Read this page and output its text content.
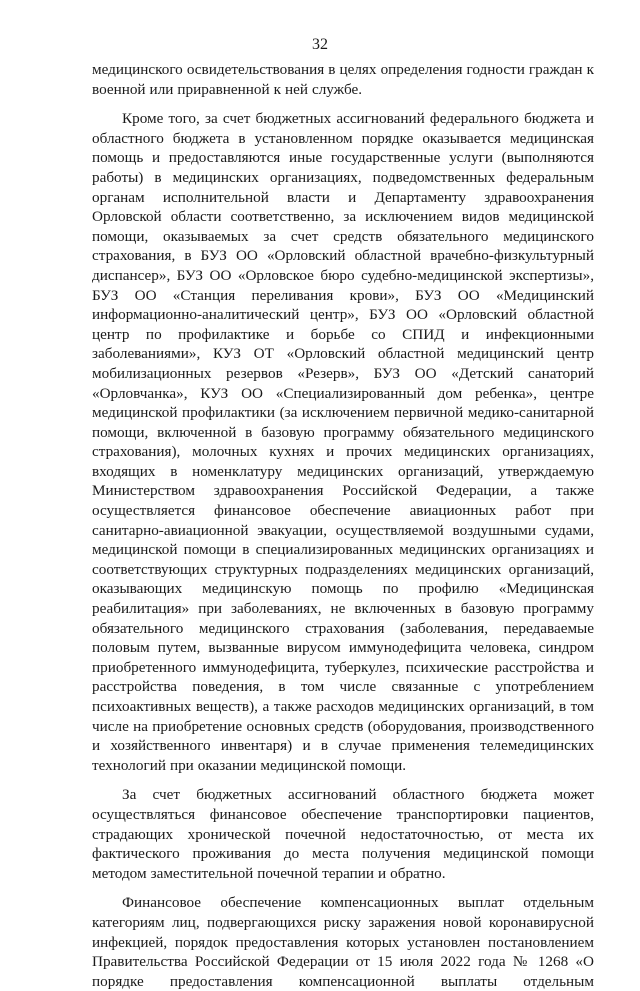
32

медицинского освидетельствования в целях определения годности граждан к военной или приравненной к ней службе.

Кроме того, за счет бюджетных ассигнований федерального бюджета и областного бюджета в установленном порядке оказывается медицинская помощь и предоставляются иные государственные услуги (выполняются работы) в медицинских организациях, подведомственных федеральным органам исполнительной власти и Департаменту здравоохранения Орловской области соответственно, за исключением видов медицинской помощи, оказываемых за счет средств обязательного медицинского страхования, в БУЗ ОО «Орловский областной врачебно-физкультурный диспансер», БУЗ ОО «Орловское бюро судебно-медицинской экспертизы», БУЗ ОО «Станция переливания крови», БУЗ ОО «Медицинский информационно-аналитический центр», БУЗ ОО «Орловский областной центр по профилактике и борьбе со СПИД и инфекционными заболеваниями», КУЗ ОТ «Орловский областной медицинский центр мобилизационных резервов «Резерв», БУЗ ОО «Детский санаторий «Орловчанка», КУЗ ОО «Специализированный дом ребенка», центре медицинской профилактики (за исключением первичной медико-санитарной помощи, включенной в базовую программу обязательного медицинского страхования), молочных кухнях и прочих медицинских организациях, входящих в номенклатуру медицинских организаций, утверждаемую Министерством здравоохранения Российской Федерации, а также осуществляется финансовое обеспечение авиационных работ при санитарно-авиационной эвакуации, осуществляемой воздушными судами, медицинской помощи в специализированных медицинских организациях и соответствующих структурных подразделениях медицинских организаций, оказывающих медицинскую помощь по профилю «Медицинская реабилитация» при заболеваниях, не включенных в базовую программу обязательного медицинского страхования (заболевания, передаваемые половым путем, вызванные вирусом иммунодефицита человека, синдром приобретенного иммунодефицита, туберкулез, психические расстройства и расстройства поведения, в том числе связанные с употреблением психоактивных веществ), а также расходов медицинских организаций, в том числе на приобретение основных средств (оборудования, производственного и хозяйственного инвентаря) и в случае применения телемедицинских технологий при оказании медицинской помощи.

За счет бюджетных ассигнований областного бюджета может осуществляться финансовое обеспечение транспортировки пациентов, страдающих хронической почечной недостаточностью, от места их фактического проживания до места получения медицинской помощи методом заместительной почечной терапии и обратно.

Финансовое обеспечение компенсационных выплат отдельным категориям лиц, подвергающихся риску заражения новой коронавирусной инфекцией, порядок предоставления которых установлен постановлением Правительства Российской Федерации от 15 июля 2022 года № 1268 «О порядке предоставления компенсационной выплаты отдельным
